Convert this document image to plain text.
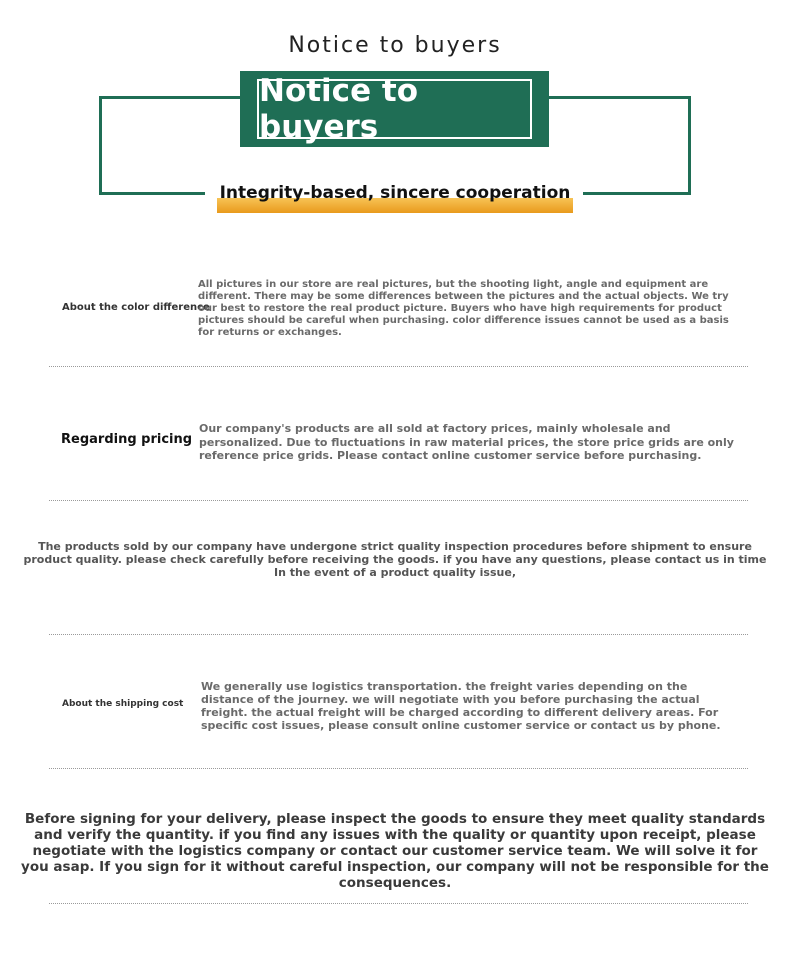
Notice to buyers
Notice to buyers
Integrity-based, sincere cooperation
About the color difference
All pictures in our store are real pictures, but the shooting light, angle and equipment are different. There may be some differences between the pictures and the actual objects. We try our best to restore the real product picture. Buyers who have high requirements for product pictures should be careful when purchasing. color difference issues cannot be used as a basis for returns or exchanges.
Regarding pricing
Our company's products are all sold at factory prices, mainly wholesale and personalized. Due to fluctuations in raw material prices, the store price grids are only reference price grids. Please contact online customer service before purchasing.
The products sold by our company have undergone strict quality inspection procedures before shipment to ensure product quality. please check carefully before receiving the goods. if you have any questions, please contact us in time In the event of a product quality issue,
About the shipping cost
We generally use logistics transportation. the freight varies depending on the distance of the journey. we will negotiate with you before purchasing the actual freight. the actual freight will be charged according to different delivery areas. For specific cost issues, please consult online customer service or contact us by phone.
Before signing for your delivery, please inspect the goods to ensure they meet quality standards and verify the quantity. if you find any issues with the quality or quantity upon receipt, please negotiate with the logistics company or contact our customer service team. We will solve it for you asap. If you sign for it without careful inspection, our company will not be responsible for the consequences.
